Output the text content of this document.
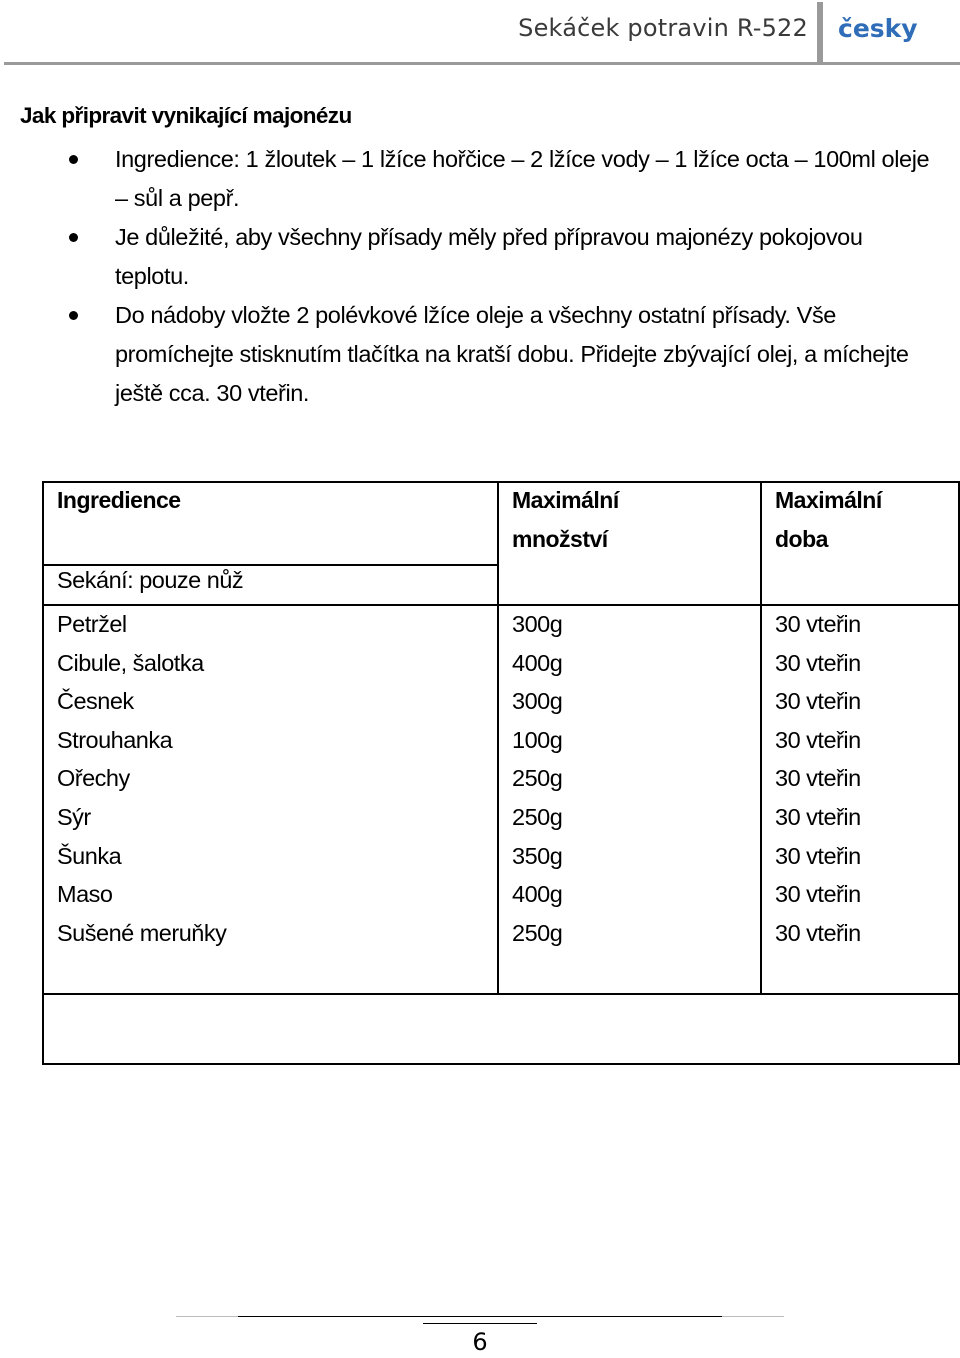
Sekáček potravin R-522 česky
Jak připravit vynikající majonézu
Ingredience: 1 žloutek – 1 lžíce hořčice – 2 lžíce vody – 1 lžíce octa – 100ml oleje – sůl a pepř.
Je důležité, aby všechny přísady měly před přípravou majonézy pokojovou teplotu.
Do nádoby vložte 2 polévkové lžíce oleje a všechny ostatní přísady. Vše promíchejte stisknutím tlačítka na kratší dobu. Přidejte zbývající olej, a míchejte ještě cca. 30 vteřin.
Ingredience	Maximální
množství
Maximální
doba
Sekání: pouze nůž
Petržel
Cibule, šalotka
Česnek
Strouhanka
Ořechy
Sýr
Šunka
Maso
Sušené meruňky
300g
400g
300g
100g
250g
250g
350g
400g
250g
30 vteřin
30 vteřin
30 vteřin
30 vteřin
30 vteřin
30 vteřin
30 vteřin
30 vteřin
30 vteřin
6
